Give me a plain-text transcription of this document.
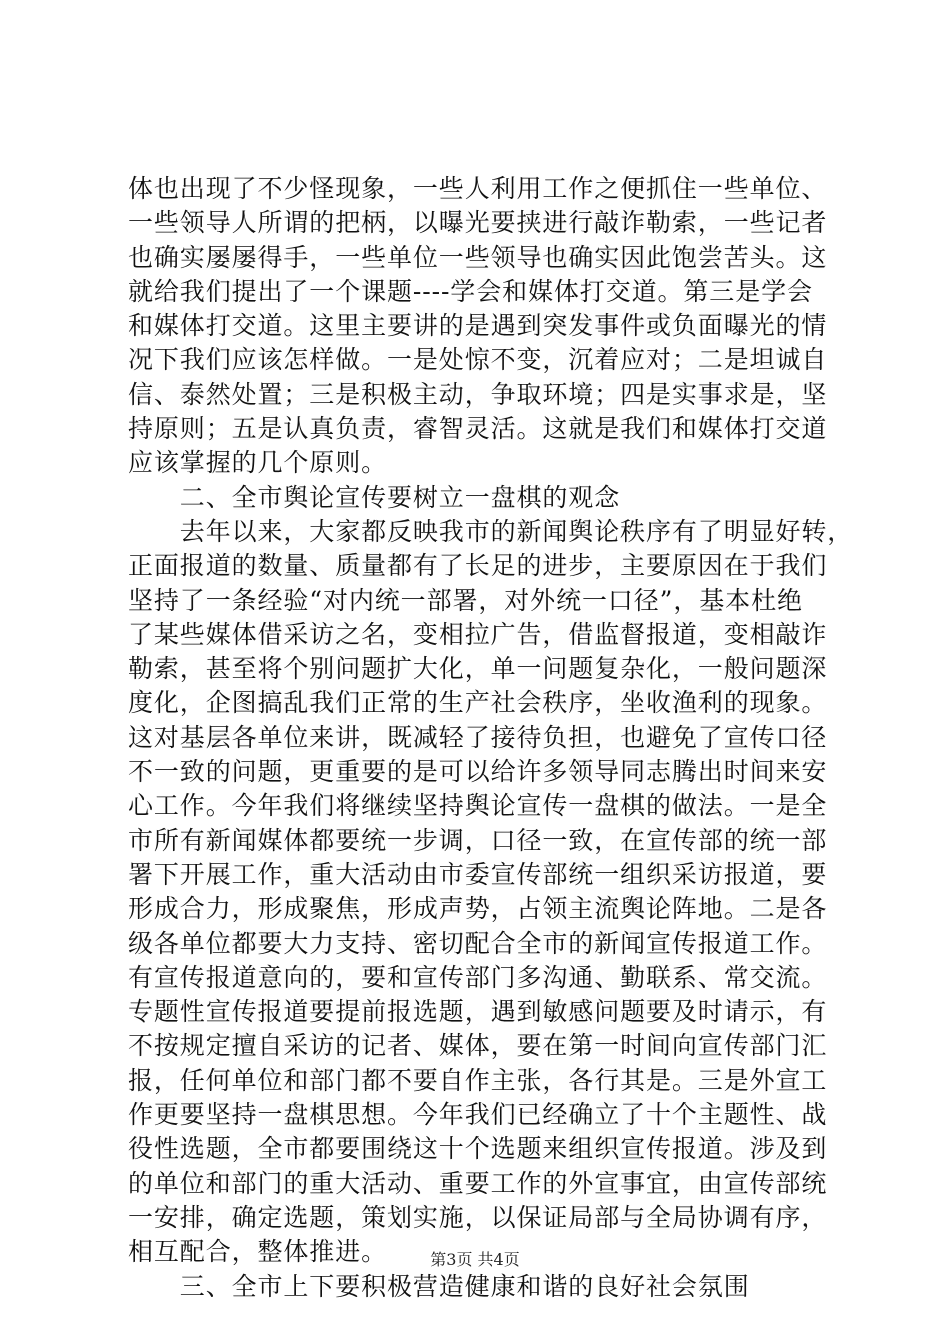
体也出现了不少怪现象，一些人利用工作之便抓住一些单位、
一些领导人所谓的把柄，以曝光要挟进行敲诈勒索，一些记者
也确实屡屡得手，一些单位一些领导也确实因此饱尝苦头。这
就给我们提出了一个课题----学会和媒体打交道。第三是学会
和媒体打交道。这里主要讲的是遇到突发事件或负面曝光的情
况下我们应该怎样做。一是处惊不变，沉着应对；二是坦诚自
信、泰然处置；三是积极主动，争取环境；四是实事求是，坚
持原则；五是认真负责，睿智灵活。这就是我们和媒体打交道
应该掌握的几个原则。
　　二、全市舆论宣传要树立一盘棋的观念
　　去年以来，大家都反映我市的新闻舆论秩序有了明显好转，
正面报道的数量、质量都有了长足的进步，主要原因在于我们
坚持了一条经验“对内统一部署，对外统一口径”，基本杜绝
了某些媒体借采访之名，变相拉广告，借监督报道，变相敲诈
勒索，甚至将个别问题扩大化，单一问题复杂化，一般问题深
度化，企图搞乱我们正常的生产社会秩序，坐收渔利的现象。
这对基层各单位来讲，既减轻了接待负担，也避免了宣传口径
不一致的问题，更重要的是可以给许多领导同志腾出时间来安
心工作。今年我们将继续坚持舆论宣传一盘棋的做法。一是全
市所有新闻媒体都要统一步调，口径一致，在宣传部的统一部
署下开展工作，重大活动由市委宣传部统一组织采访报道，要
形成合力，形成聚焦，形成声势，占领主流舆论阵地。二是各
级各单位都要大力支持、密切配合全市的新闻宣传报道工作。
有宣传报道意向的，要和宣传部门多沟通、勤联系、常交流。
专题性宣传报道要提前报选题，遇到敏感问题要及时请示，有
不按规定擅自采访的记者、媒体，要在第一时间向宣传部门汇
报，任何单位和部门都不要自作主张，各行其是。三是外宣工
作更要坚持一盘棋思想。今年我们已经确立了十个主题性、战
役性选题，全市都要围绕这十个选题来组织宣传报道。涉及到
的单位和部门的重大活动、重要工作的外宣事宜，由宣传部统
一安排，确定选题，策划实施，以保证局部与全局协调有序，
相互配合，整体推进。
　　三、全市上下要积极营造健康和谐的良好社会氛围
第3页 共4页
